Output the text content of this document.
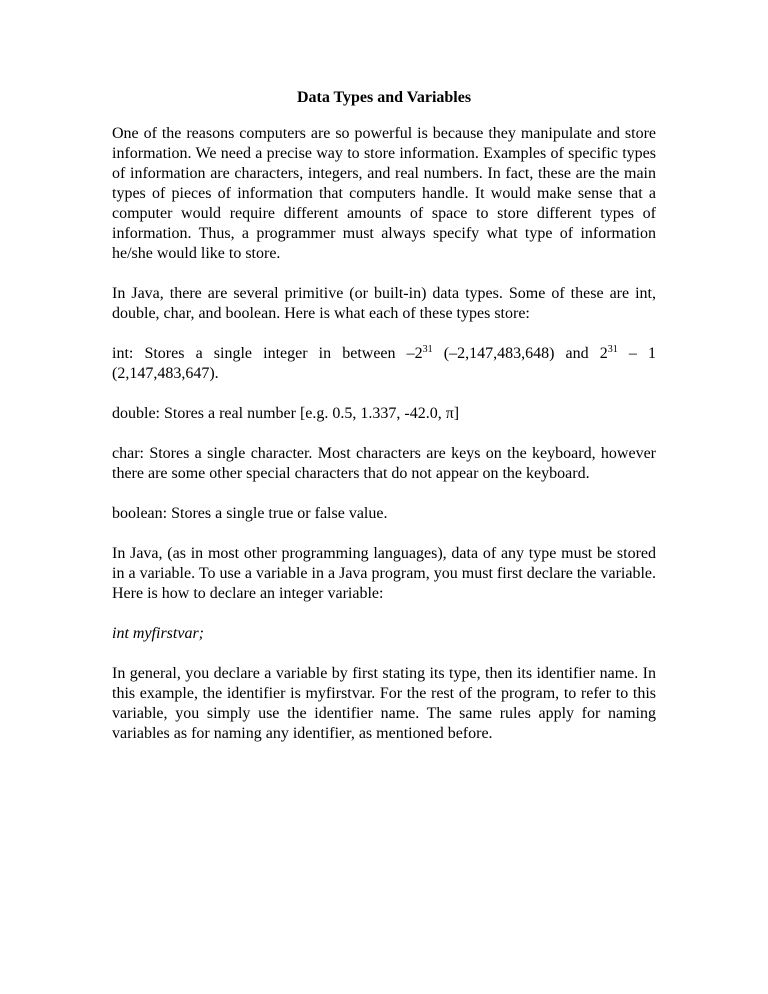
Data Types and Variables

One of the reasons computers are so powerful is because they manipulate and store information. We need a precise way to store information. Examples of specific types of information are characters, integers, and real numbers. In fact, these are the main types of pieces of information that computers handle. It would make sense that a computer would require different amounts of space to store different types of information. Thus, a programmer must always specify what type of information he/she would like to store.

In Java, there are several primitive (or built-in) data types. Some of these are int, double, char, and boolean. Here is what each of these types store:

int: Stores a single integer in between $-2^{31}$ (–2,147,483,648) and $2^{31} - 1$ (2,147,483,647).

double: Stores a real number [e.g. 0.5, 1.337, -42.0, π]

char: Stores a single character. Most characters are keys on the keyboard, however there are some other special characters that do not appear on the keyboard.

boolean: Stores a single true or false value.

In Java, (as in most other programming languages), data of any type must be stored in a variable. To use a variable in a Java program, you must first declare the variable. Here is how to declare an integer variable:

int myfirstvar;

In general, you declare a variable by first stating its type, then its identifier name. In this example, the identifier is myfirstvar. For the rest of the program, to refer to this variable, you simply use the identifier name. The same rules apply for naming variables as for naming any identifier, as mentioned before.
